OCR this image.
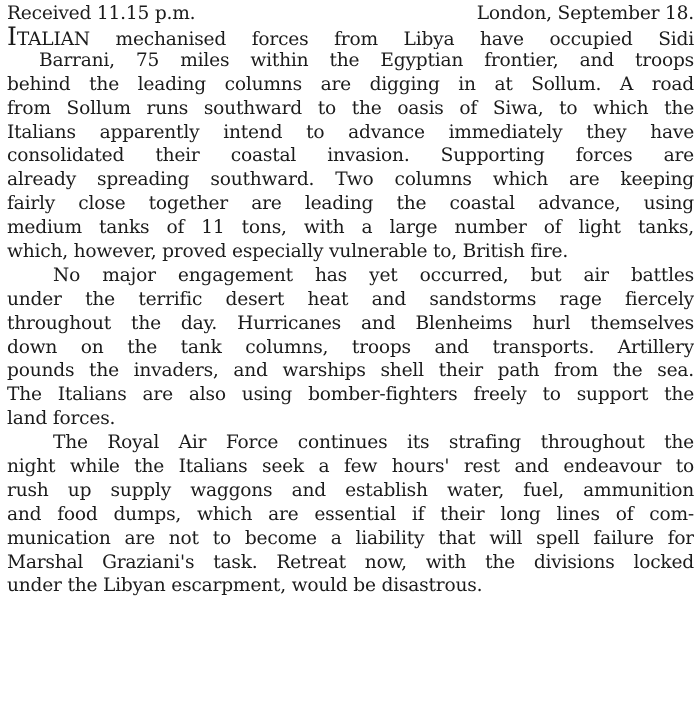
Received 11.15 p.m.	London, September 18.
ITALIAN mechanised forces from Libya have occupied Sidi
Barrani, 75 miles within the Egyptian frontier, and troops
behind the leading columns are digging in at Sollum. A road
from Sollum runs southward to the oasis of Siwa, to which the
Italians apparently intend to advance immediately they have
consolidated their coastal invasion. Supporting forces are
already spreading southward. Two columns which are keeping
fairly close together are leading the coastal advance, using
medium tanks of 11 tons, with a large number of light tanks,
which, however, proved especially vulnerable to, British fire.
No major engagement has yet occurred, but air battles
under the terrific desert heat and sandstorms rage fiercely
throughout the day. Hurricanes and Blenheims hurl themselves
down on the tank columns, troops and transports. Artillery
pounds the invaders, and warships shell their path from the sea.
The Italians are also using bomber-fighters freely to support the
land forces.
The Royal Air Force continues its strafing throughout the
night while the Italians seek a few hours' rest and endeavour to
rush up supply waggons and establish water, fuel, ammunition
and food dumps, which are essential if their long lines of com-
munication are not to become a liability that will spell failure for
Marshal Graziani's task. Retreat now, with the divisions locked
under the Libyan escarpment, would be disastrous.
